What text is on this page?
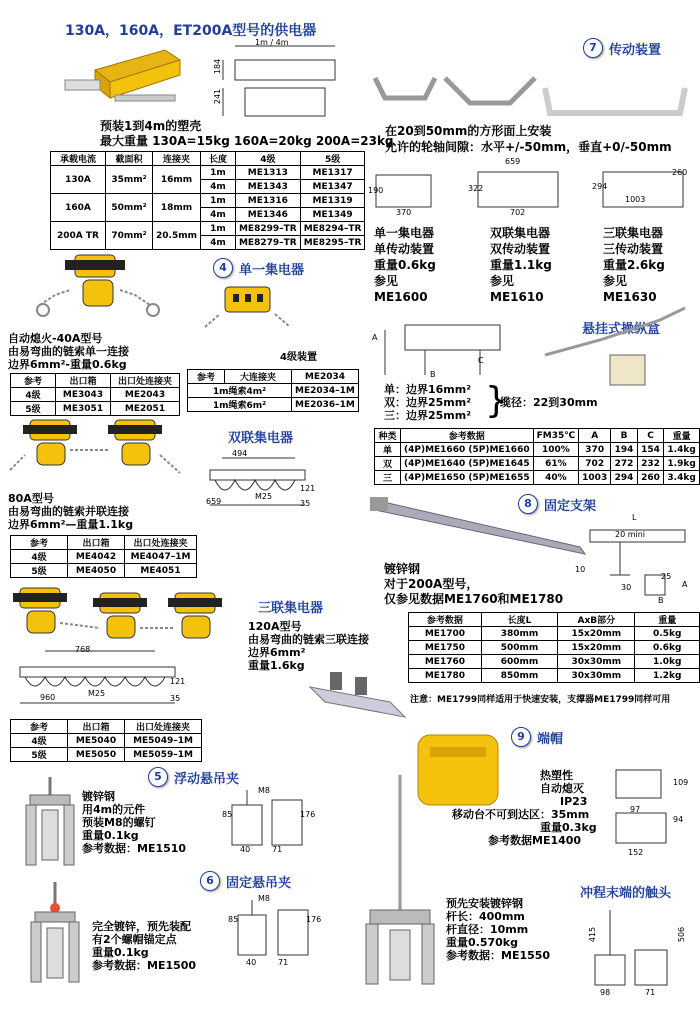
130A，160A，ET200A型号的供电器
1m / 4m
184
241
预装1到4m的塑壳
最大重量 130A=15kg 160A=20kg 200A=23kg
承载电流	截面积	连接夹	长度	4级	5级
130A	35mm²	16mm	1m	ME1313	ME1317
			4m	ME1343	ME1347
160A	50mm²	18mm	1m	ME1316	ME1319
			4m	ME1346	ME1349
200A TR	70mm²	20.5mm	1m	ME8299–TR	ME8294–TR
			4m	ME8279–TR	ME8295–TR
4 单一集电器
4级装置
自动熄火-40A型号
由易弯曲的链索单一连接
边界6mm²-重量0.6kg
参考	出口箱	出口处连接夹
4级	ME3043	ME2043
5级	ME3051	ME2051
参考	大连接夹	ME2034
1m绳索4m²		ME2034–1M
1m绳索6m²		ME2036–1M
双联集电器
494
659
M25
35
121
80A型号
由易弯曲的链索并联连接
边界6mm²—重量1.1kg
参考	出口箱	出口处连接夹
4级	ME4042	ME4047–1M
5级	ME4050	ME4051
三联集电器
120A型号
由易弯曲的链索三联连接
边界6mm²
重量1.6kg
768
960	M25
35
121
参考	出口箱	出口处连接夹
4级	ME5040	ME5049–1M
5级	ME5050	ME5059–1M
5 浮动悬吊夹
镀锌钢
用4m的元件
预装M8的螺钉
重量0.1kg
参考数据：ME1510
M8
40	71
85	176
6 固定悬吊夹
完全镀锌，预先装配
有2个螺帽锚定点
重量0.1kg
参考数据：ME1500
M8
40	71
85	176
7 传动装置
在20到50mm的方形面上安装
允许的轮轴间隙：水平+/-50mm，垂直+0/-50mm
370
659
702
322
1003
294
260
190
单一集电器
单传动装置
重量0.6kg
参见
ME1600
双联集电器
双传动装置
重量1.1kg
参见
ME1610
三联集电器
三传动装置
重量2.6kg
参见
ME1630
悬挂式操纵盒
A
B
C
单：边界16mm²
双：边界25mm²
三：边界25mm² }
缆径：22到30mm
种类	参考数据	FM35℃	A	B	C	重量
单	(4P)ME1660 (5P)ME1660	100%	370	194	154	1.4kg
双	(4P)ME1640 (5P)ME1645	61%	702	272	232	1.9kg
三	(4P)ME1650 (5P)ME1655	40%	1003	294	260	3.4kg
8 固定支架
L
20 mini
10
25
30	A
B
镀锌钢
对于200A型号，
仅参见数据ME1760和ME1780
参考数据	长度L	AxB部分	重量
ME1700	380mm	15x20mm	0.5kg
ME1750	500mm	15x20mm	0.6kg
ME1760	600mm	30x30mm	1.0kg
ME1780	850mm	30x30mm	1.2kg
注意：ME1799同样适用于快速安装，支撑器ME1799同样可用
9 端帽
热塑性
自动熄灭
IP23
移动台不可到达区：35mm
重量0.3kg
参考数据ME1400
109
97
94
152
冲程末端的触头
预先安装镀锌钢
杆长：400mm
杆直径：10mm
重量0.570kg
参考数据：ME1550
415	506
98	71
